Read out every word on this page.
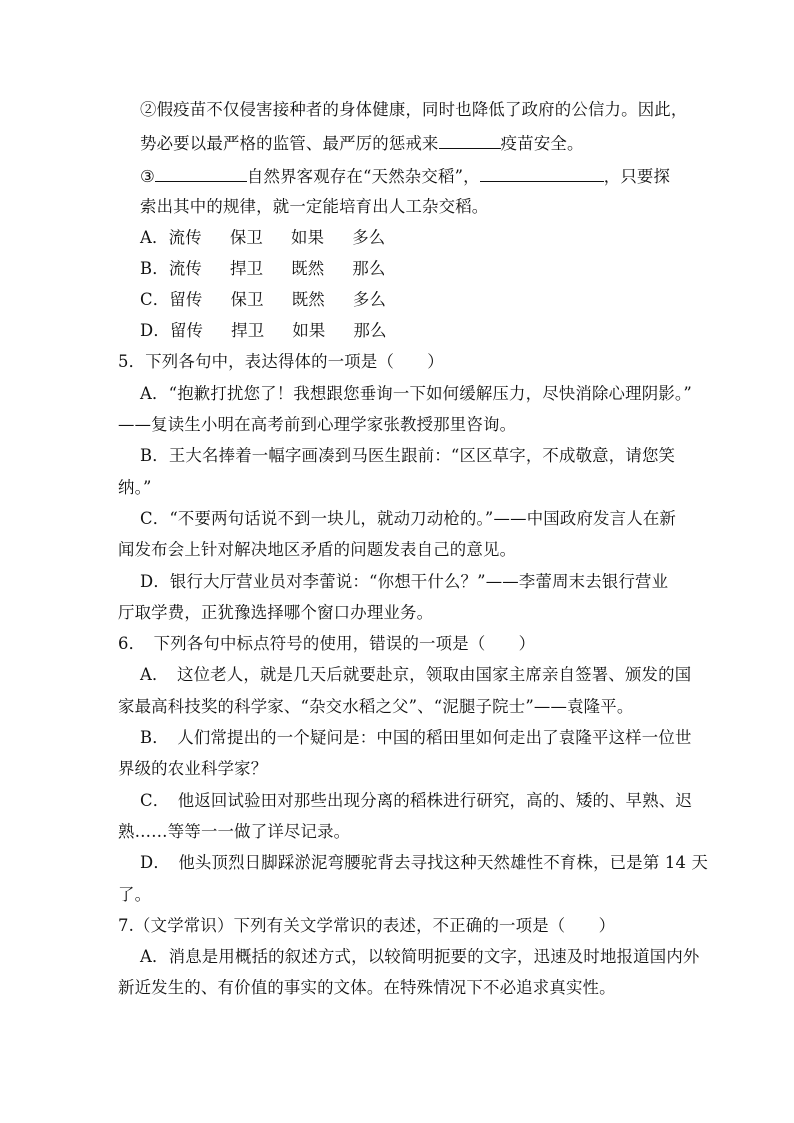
②假疫苗不仅侵害接种者的身体健康，同时也降低了政府的公信力。因此，
势必要以最严格的监管、最严厉的惩戒来	疫苗安全。
③	自然界客观存在“天然杂交稻”，	，只要探
索出其中的规律，就一定能培育出人工杂交稻。
A．流传 保卫 如果 多么
B．流传 捍卫 既然 那么
C．留传 保卫 既然 多么
D．留传 捍卫 如果 那么
5．下列各句中，表达得体的一项是（　　）
A．“抱歉打扰您了！我想跟您垂询一下如何缓解压力，尽快消除心理阴影。”
——复读生小明在高考前到心理学家张教授那里咨询。
B．王大名捧着一幅字画凑到马医生跟前：“区区草字，不成敬意，请您笑
纳。”
C．“不要两句话说不到一块儿，就动刀动枪的。”——中国政府发言人在新
闻发布会上针对解决地区矛盾的问题发表自己的意见。
D．银行大厅营业员对李蕾说：“你想干什么？”——李蕾周末去银行营业
厅取学费，正犹豫选择哪个窗口办理业务。
6．　下列各句中标点符号的使用，错误的一项是（　　）
A．　这位老人，就是几天后就要赴京，领取由国家主席亲自签署、颁发的国
家最高科技奖的科学家、“杂交水稻之父”、“泥腿子院士”——袁隆平。
B．　人们常提出的一个疑问是：中国的稻田里如何走出了袁隆平这样一位世
界级的农业科学家？
C．　他返回试验田对那些出现分离的稻株进行研究，高的、矮的、早熟、迟
熟……等等一一做了详尽记录。
D．　他头顶烈日脚踩淤泥弯腰驼背去寻找这种天然雄性不育株，已是第 14 天
了。
7.（文学常识）下列有关文学常识的表述，不正确的一项是（　　）
A．消息是用概括的叙述方式，以较简明扼要的文字，迅速及时地报道国内外
新近发生的、有价值的事实的文体。在特殊情况下不必追求真实性。
